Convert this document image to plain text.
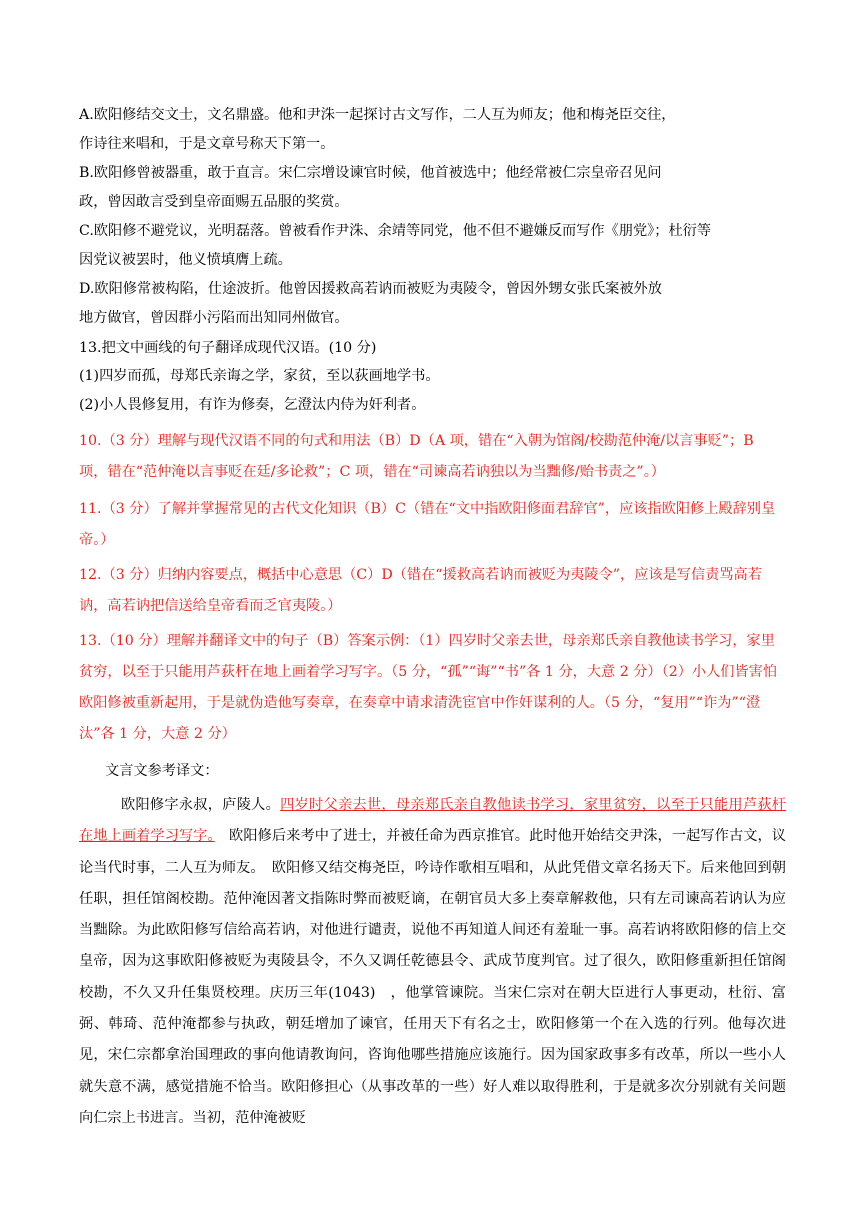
A.欧阳修结交文士，文名鼎盛。他和尹洙一起探讨古文写作，二人互为师友；他和梅尧臣交往，
作诗往来唱和，于是文章号称天下第一。
B.欧阳修曾被器重，敢于直言。宋仁宗增设谏官时候，他首被选中；他经常被仁宗皇帝召见问
政，曾因敢言受到皇帝面赐五品服的奖赏。
C.欧阳修不避党议，光明磊落。曾被看作尹洙、余靖等同党，他不但不避嫌反而写作《朋党》；杜衍等
因党议被罢时，他义愤填膺上疏。
D.欧阳修常被构陷，仕途波折。他曾因援救高若讷而被贬为夷陵令，曾因外甥女张氏案被外放
地方做官，曾因群小污陷而出知同州做官。
13.把文中画线的句子翻译成现代汉语。(10 分)
(1)四岁而孤，母郑氏亲诲之学，家贫，至以荻画地学书。
(2)小人畏修复用，有诈为修奏，乞澄汰内侍为奸利者。
10.（3 分）理解与现代汉语不同的句式和用法（B）D（A 项，错在“入朝为馆阁/校勘范仲淹/以言事贬”；B 项，错在“范仲淹以言事贬在廷/多论救”；C 项，错在“司谏高若讷独以为当黜修/贻书责之”。）
11.（3 分）了解并掌握常见的古代文化知识（B）C（错在“文中指欧阳修面君辞官”，应该指欧阳修上殿辞别皇帝。）
12.（3 分）归纳内容要点，概括中心意思（C）D（错在“援救高若讷而被贬为夷陵令”，应该是写信责骂高若讷，高若讷把信送给皇帝看而乏官夷陵。）
13.（10 分）理解并翻译文中的句子（B）答案示例：（1）四岁时父亲去世，母亲郑氏亲自教他读书学习，家里贫穷，以至于只能用芦荻杆在地上画着学习写字。（5 分，“孤”“诲”“书”各 1 分，大意 2 分）（2）小人们皆害怕欧阳修被重新起用，于是就伪造他写奏章，在奏章中请求清洗宦官中作奸谋利的人。（5 分，“复用”“诈为”“澄汰”各 1 分，大意 2 分）
文言文参考译文：
欧阳修字永叔，庐陵人。四岁时父亲去世，母亲郑氏亲自教他读书学习，家里贫穷，以至于只能用芦荻杆在地上画着学习写字。　欧阳修后来考中了进士，并被任命为西京推官。此时他开始结交尹洙，一起写作古文，议论当代时事，二人互为师友。　欧阳修又结交梅尧臣，吟诗作歌相互唱和，从此凭借文章名扬天下。后来他回到朝任职，担任馆阁校勘。范仲淹因著文指陈时弊而被贬谪，在朝官员大多上奏章解救他，只有左司谏高若讷认为应当黜除。为此欧阳修写信给高若讷，对他进行谴责，说他不再知道人间还有羞耻一事。高若讷将欧阳修的信上交皇帝，因为这事欧阳修被贬为夷陵县令，不久又调任乾德县令、武成节度判官。过了很久，欧阳修重新担任馆阁校勘，不久又升任集贤校理。庆历三年(1043)　，他掌管谏院。当宋仁宗对在朝大臣进行人事更动，杜衍、富弼、韩琦、范仲淹都参与执政，朝廷增加了谏官，任用天下有名之士，欧阳修第一个在入选的行列。他每次进见，宋仁宗都拿治国理政的事向他请教询问，咨询他哪些措施应该施行。因为国家政事多有改革，所以一些小人就失意不满，感觉措施不恰当。欧阳修担心（从事改革的一些）好人难以取得胜利，于是就多次分别就有关问题向仁宗上书进言。当初，范仲淹被贬
